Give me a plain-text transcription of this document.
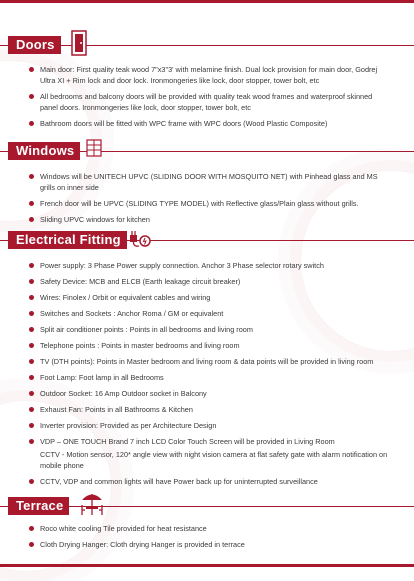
Doors
Main door: First quality teak wood 7"x3"3' with melamine finish. Dual lock provision for main door, Godrej Ultra XI + Rim lock and door lock. Ironmongeries like lock, door stopper, tower bolt, etc
All bedrooms and balcony doors will be provided with quality teak wood frames and waterproof skinned panel doors. Ironmongeries like lock, door stopper, tower bolt, etc
Bathroom doors will be fitted with WPC frame with WPC doors (Wood Plastic Composite)
Windows
Windows will be UNITECH UPVC (SLIDING DOOR WITH MOSQUITO NET) with Pinhead glass and MS grills on inner side
French door will be UPVC (SLIDING TYPE MODEL) with Reflective glass/Plain glass without grills.
Sliding UPVC windows for kitchen
Electrical Fitting
Power supply: 3 Phase Power supply connection. Anchor 3 Phase selector rotary switch
Safety Device: MCB and ELCB (Earth leakage circuit breaker)
Wires: Finolex / Orbit or equivalent cables and wiring
Switches and Sockets : Anchor Roma / GM or equivalent
Split air conditioner points : Points in all bedrooms and living room
Telephone points : Points in master bedrooms and living room
TV (DTH points): Points in Master bedroom and living room & data points will be provided in living room
Foot Lamp: Foot lamp in all Bedrooms
Outdoor Socket: 16 Amp Outdoor socket in Balcony
Exhaust Fan: Points in all Bathrooms & Kitchen
Inverter provision: Provided as per Architecture Design
VDP – ONE TOUCH Brand 7 inch LCD Color Touch Screen will be provided in Living Room
CCTV - Motion sensor, 120* angle view with night vision camera at flat safety gate with alarm notification on mobile phone
CCTV, VDP and common lights will have Power back up for uninterrupted surveillance
Terrace
Roco white cooling Tile provided for heat resistance
Cloth Drying Hanger: Cloth drying Hanger is provided in terrace
